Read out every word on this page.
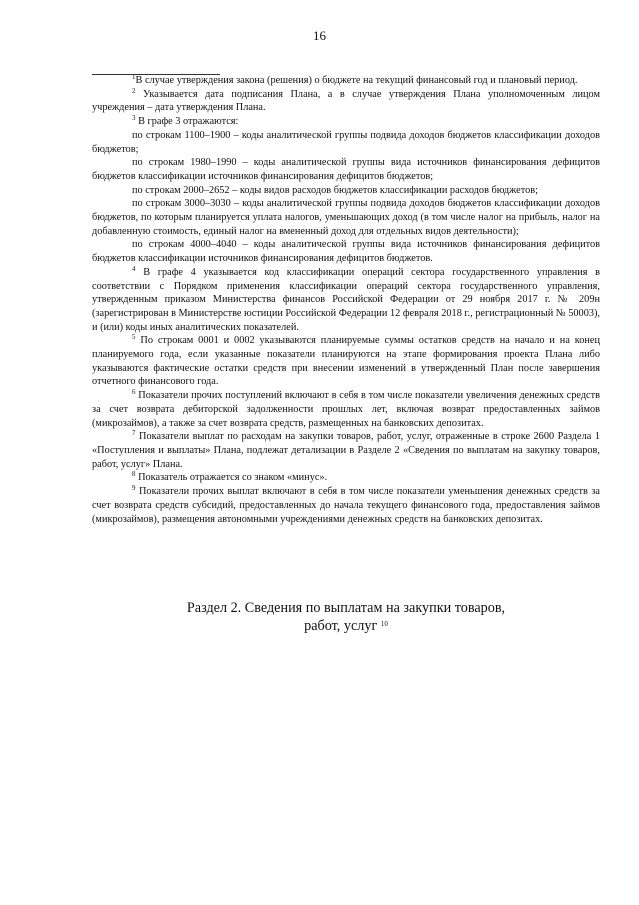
16

$^1$В случае утверждения закона (решения) о бюджете на текущий финансовый год и плановый период.

$^2$ Указывается дата подписания Плана, а в случае утверждения Плана уполномоченным лицом учреждения – дата утверждения Плана.

$^3$ В графе 3 отражаются:

по строкам 1100–1900 – коды аналитической группы подвида доходов бюджетов классификации доходов бюджетов;

по строкам 1980–1990 – коды аналитической группы вида источников финансирования дефицитов бюджетов классификации источников финансирования дефицитов бюджетов;

по строкам 2000–2652 – коды видов расходов бюджетов классификации расходов бюджетов;

по строкам 3000–3030 – коды аналитической группы подвида доходов бюджетов классификации доходов бюджетов, по которым планируется уплата налогов, уменьшающих доход (в том числе налог на прибыль, налог на добавленную стоимость, единый налог на вмененный доход для отдельных видов деятельности);

по строкам 4000–4040 – коды аналитической группы вида источников финансирования дефицитов бюджетов классификации источников финансирования дефицитов бюджетов.

$^4$ В графе 4 указывается код классификации операций сектора государственного управления в соответствии с Порядком применения классификации операций сектора государственного управления, утвержденным приказом Министерства финансов Российской Федерации от 29 ноября 2017 г. № 209н (зарегистрирован в Министерстве юстиции Российской Федерации 12 февраля 2018 г., регистрационный № 50003), и (или) коды иных аналитических показателей.

$^5$ По строкам 0001 и 0002 указываются планируемые суммы остатков средств на начало и на конец планируемого года, если указанные показатели планируются на этапе формирования проекта Плана либо указываются фактические остатки средств при внесении изменений в утвержденный План после завершения отчетного финансового года.

$^6$ Показатели прочих поступлений включают в себя в том числе показатели увеличения денежных средств за счет возврата дебиторской задолженности прошлых лет, включая возврат предоставленных займов (микрозаймов), а также за счет возврата средств, размещенных на банковских депозитах.

$^7$ Показатели выплат по расходам на закупки товаров, работ, услуг, отраженные в строке 2600 Раздела 1 «Поступления и выплаты» Плана, подлежат детализации в Разделе 2 «Сведения по выплатам на закупку товаров, работ, услуг» Плана.

$^8$ Показатель отражается со знаком «минус».

$^9$ Показатели прочих выплат включают в себя в том числе показатели уменьшения денежных средств за счет возврата средств субсидий, предоставленных до начала текущего финансового года, предоставления займов (микрозаймов), размещения автономными учреждениями денежных средств на банковских депозитах.

Раздел 2. Сведения по выплатам на закупки товаров,

работ, услуг $^{10}$
